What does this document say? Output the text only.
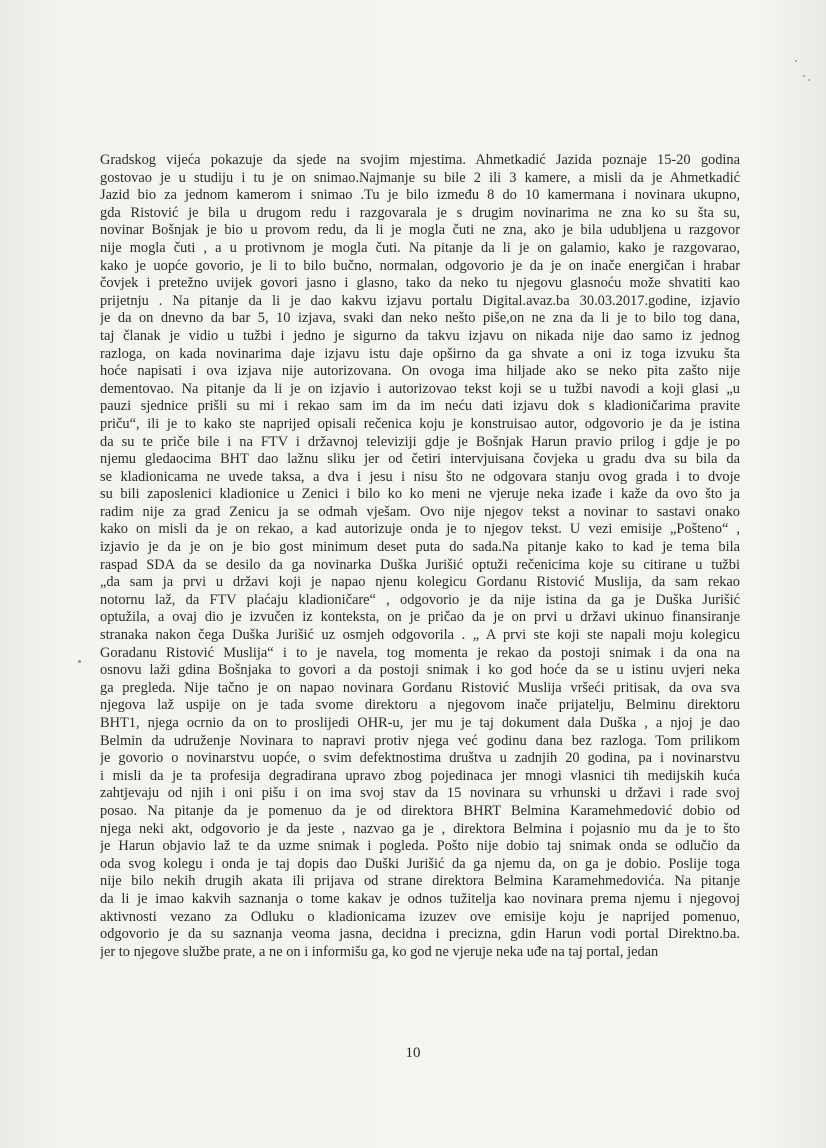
Gradskog vijeća pokazuje da sjede na svojim mjestima. Ahmetkadić Jazida poznaje 15-20 godina
gostovao je u studiju i tu je on snimao.Najmanje su bile 2 ili 3 kamere, a misli da je Ahmetkadić
Jazid bio za jednom kamerom i snimao .Tu je bilo između 8 do 10 kamermana i novinara ukupno,
gda Ristović je bila u drugom redu i razgovarala je s drugim novinarima ne zna ko su šta su,
novinar Bošnjak je bio u provom redu, da li je mogla čuti ne zna, ako je bila udubljena u razgovor
nije mogla čuti , a u protivnom je mogla čuti. Na pitanje da li je on galamio, kako je razgovarao,
kako je uopće govorio, je li to bilo bučno, normalan, odgovorio je da je on inače energičan i hrabar
čovjek i pretežno uvijek govori jasno i glasno, tako da neko tu njegovu glasnoću može shvatiti kao
prijetnju . Na pitanje da li je dao kakvu izjavu portalu Digital.avaz.ba 30.03.2017.godine, izjavio
je da on dnevno da bar 5, 10 izjava, svaki dan neko nešto piše,on ne zna da li je to bilo tog dana,
taj članak je vidio u tužbi i jedno je sigurno da takvu izjavu on nikada nije dao samo iz jednog
razloga, on kada novinarima daje izjavu istu daje opširno da ga shvate a oni iz toga izvuku šta
hoće napisati i ova izjava nije autorizovana. On ovoga ima hiljade ako se neko pita zašto nije
dementovao. Na pitanje da li je on izjavio i autorizovao tekst koji se u tužbi navodi a koji glasi „u
pauzi sjednice prišli su mi i rekao sam im da im neću dati izjavu dok s kladioničarima pravite
priču“, ili je to kako ste naprijed opisali rečenica koju je konstruisao autor, odgovorio je da je istina
da su te priče bile i na FTV i državnoj televiziji gdje je Bošnjak Harun pravio prilog i gdje je po
njemu gledaocima BHT dao lažnu sliku jer od četiri intervjuisana čovjeka u gradu dva su bila da
se kladionicama ne uvede taksa, a dva i jesu i nisu što ne odgovara stanju ovog grada i to dvoje
su bili zaposlenici kladionice u Zenici i bilo ko ko meni ne vjeruje neka izađe i kaže da ovo što ja
radim nije za grad Zenicu ja se odmah vješam. Ovo nije njegov tekst a novinar to sastavi onako
kako on misli da je on rekao, a kad autorizuje onda je to njegov tekst. U vezi emisije „Pošteno“ ,
izjavio je da je on je bio gost minimum deset puta do sada.Na pitanje kako to kad je tema bila
raspad SDA da se desilo da ga novinarka Duška Jurišić optuži rečenicima koje su citirane u tužbi
„da sam ja prvi u državi koji je napao njenu kolegicu Gordanu Ristović Muslija, da sam rekao
notornu laž, da FTV plaćaju kladioničare“ , odgovorio je da nije istina da ga je Duška Jurišić
optužila, a ovaj dio je izvučen iz konteksta, on je pričao da je on prvi u državi ukinuo finansiranje
stranaka nakon čega Duška Jurišić uz osmjeh odgovorila . „ A prvi ste koji ste napali moju kolegicu
Goradanu Ristović Muslija“ i to je navela, tog momenta je rekao da postoji snimak i da ona na
osnovu laži gdina Bošnjaka to govori a da postoji snimak i ko god hoće da se u istinu uvjeri neka
ga pregleda. Nije tačno je on napao novinara Gordanu Ristović Muslija vršeći pritisak, da ova sva
njegova laž uspije on je tada svome direktoru a njegovom inače prijatelju, Belminu direktoru
BHT1, njega ocrnio da on to proslijedi OHR-u, jer mu je taj dokument dala Duška , a njoj je dao
Belmin da udruženje Novinara to napravi protiv njega već godinu dana bez razloga. Tom prilikom
je govorio o novinarstvu uopće, o svim defektnostima društva u zadnjih 20 godina, pa i novinarstvu
i misli da je ta profesija degradirana upravo zbog pojedinaca jer mnogi vlasnici tih medijskih kuća
zahtjevaju od njih i oni pišu i on ima svoj stav da 15 novinara su vrhunski u državi i rade svoj
posao. Na pitanje da je pomenuo da je od direktora BHRT Belmina Karamehmedović dobio od
njega neki akt, odgovorio je da jeste , nazvao ga je , direktora Belmina i pojasnio mu da je to što
je Harun objavio laž te da uzme snimak i pogleda. Pošto nije dobio taj snimak onda se odlučio da
oda svog kolegu i onda je taj dopis dao Duški Jurišić da ga njemu da, on ga je dobio. Poslije toga
nije bilo nekih drugih akata ili prijava od strane direktora Belmina Karamehmedovića. Na pitanje
da li je imao kakvih saznanja o tome kakav je odnos tužitelja kao novinara prema njemu i njegovoj
aktivnosti vezano za Odluku o kladionicama izuzev ove emisije koju je naprijed pomenuo,
odgovorio je da su saznanja veoma jasna, decidna i precizna, gdin Harun vodi portal Direktno.ba.
jer to njegove službe prate, a ne on i informišu ga, ko god ne vjeruje neka uđe na taj portal, jedan
10
